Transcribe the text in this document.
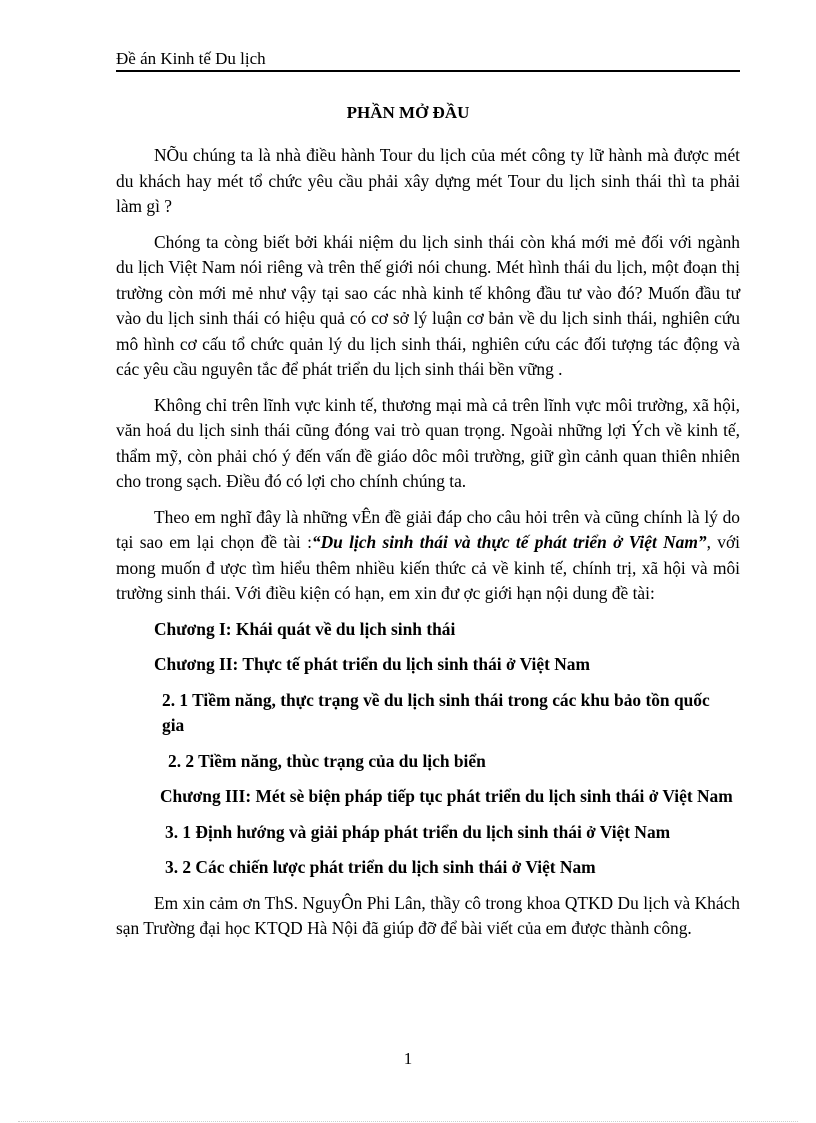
Đề án Kinh tế Du lịch
PHẦN MỞ ĐẦU

NÕu chúng ta là nhà điều hành Tour du lịch của mét công ty lữ hành mà được mét du khách hay mét tổ chức yêu cầu phải xây dựng mét Tour du lịch sinh thái thì ta phải làm gì ?

Chóng ta còng biết bởi khái niệm du lịch sinh thái còn khá mới mẻ đối với ngành du lịch Việt Nam nói riêng và trên thế giới nói chung. Mét hình thái du lịch, một đoạn thị trường còn mới mẻ như vậy tại sao các nhà kinh tế không đầu tư vào đó? Muốn đầu tư vào du lịch sinh thái có hiệu quả có cơ sở lý luận cơ bản về du lịch sinh thái, nghiên cứu mô hình cơ cấu tổ chức quản lý du lịch sinh thái, nghiên cứu các đối tượng tác động và các yêu cầu nguyên tắc để phát triển du lịch sinh thái bền vững .

Không chỉ trên lĩnh vực kinh tế, thương mại mà cả trên lĩnh vực môi trường, xã hội, văn hoá du lịch sinh thái cũng đóng vai trò quan trọng. Ngoài những lợi Ých về kinh tế, thẩm mỹ, còn phải chó ý đến vấn đề giáo dôc môi trường, giữ gìn cảnh quan thiên nhiên cho trong sạch. Điều đó có lợi cho chính chúng ta.

Theo em nghĩ đây là những vÊn đề giải đáp cho câu hỏi trên và cũng chính là lý do tại sao em lại chọn đề tài :“Du lịch sinh thái và thực tế phát triển ở Việt Nam”, với mong muốn đ ược tìm hiểu thêm nhiều kiến thức cả về kinh tế, chính trị, xã hội và môi trường sinh thái. Với điều kiện có hạn, em xin đư ợc giới hạn nội dung đề tài:

Chương I: Khái quát về du lịch sinh thái
Chương II: Thực tế phát triển du lịch sinh thái ở Việt Nam
2. 1 Tiềm năng, thực trạng về du lịch sinh thái trong các khu bảo tồn quốc gia
2. 2 Tiềm năng, thùc trạng của du lịch biển
Chương III: Mét sè biện pháp tiếp tục phát triển du lịch sinh thái ở Việt Nam
3. 1 Định hướng và giải pháp phát triển du lịch sinh thái ở Việt Nam
3. 2 Các chiến lược phát triển du lịch sinh thái ở Việt Nam

Em xin cảm ơn ThS. NguyÔn Phi Lân, thầy cô trong khoa QTKD Du lịch và Khách sạn Trường đại học KTQD Hà Nội đã giúp đỡ để bài viết của em được thành công.

1
